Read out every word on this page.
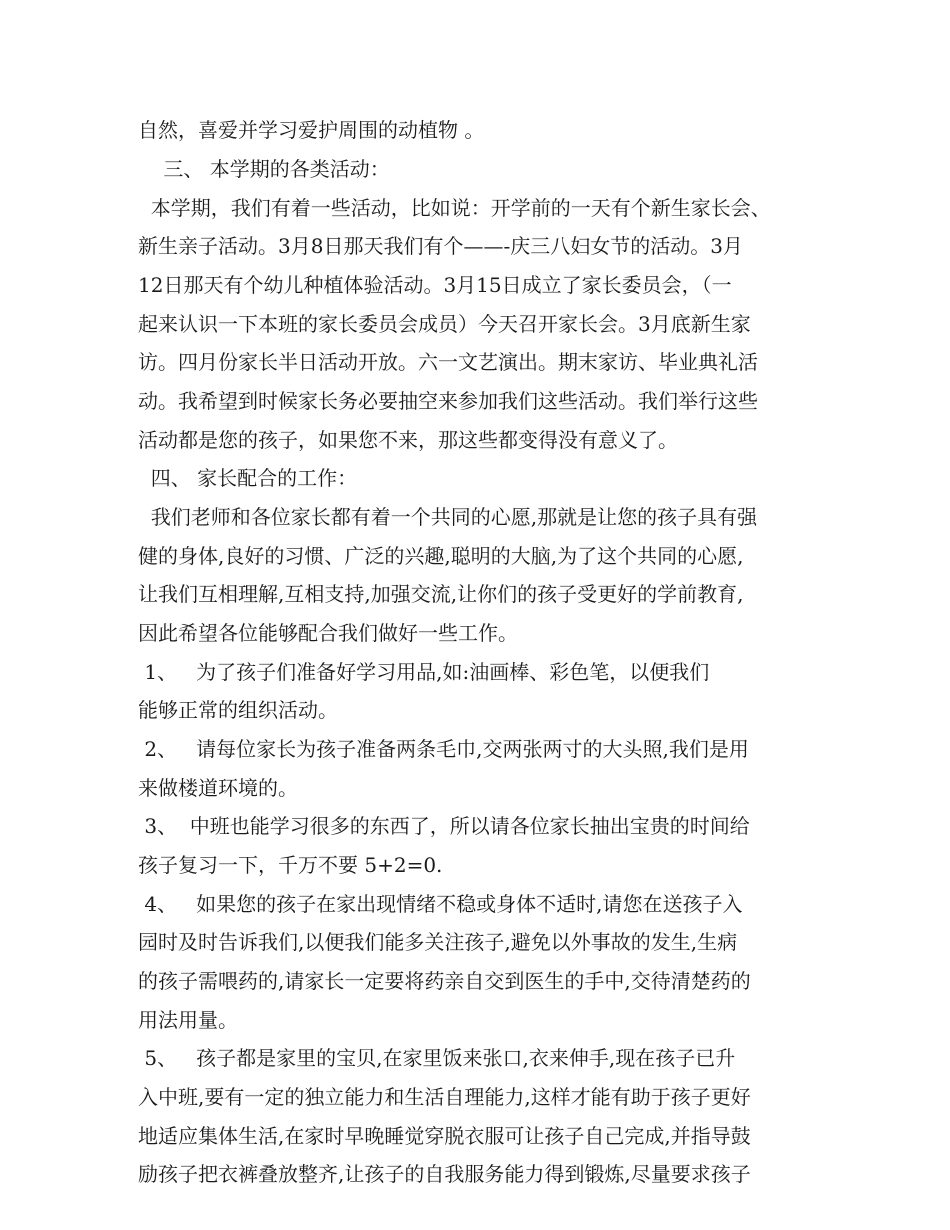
自然，喜爱并学习爱护周围的动植物 。
三、 本学期的各类活动：
本学期，我们有着一些活动，比如说：开学前的一天有个新生家长会、
新生亲子活动。3月8日那天我们有个——-庆三八妇女节的活动。3月
12日那天有个幼儿种植体验活动。3月15日成立了家长委员会，（一
起来认识一下本班的家长委员会成员）今天召开家长会。3月底新生家
访。四月份家长半日活动开放。六一文艺演出。期末家访、毕业典礼活
动。我希望到时候家长务必要抽空来参加我们这些活动。我们举行这些
活动都是您的孩子，如果您不来，那这些都变得没有意义了。
四、 家长配合的工作：
我们老师和各位家长都有着一个共同的心愿,那就是让您的孩子具有强
健的身体,良好的习惯、广泛的兴趣,聪明的大脑,为了这个共同的心愿,
让我们互相理解,互相支持,加强交流,让你们的孩子受更好的学前教育,
因此希望各位能够配合我们做好一些工作。
1、   为了孩子们准备好学习用品,如:油画棒、彩色笔，以便我们
能够正常的组织活动。
2、   请每位家长为孩子准备两条毛巾,交两张两寸的大头照,我们是用
来做楼道环境的。
3、  中班也能学习很多的东西了，所以请各位家长抽出宝贵的时间给
孩子复习一下，千万不要 5+2=0.
4、   如果您的孩子在家出现情绪不稳或身体不适时,请您在送孩子入
园时及时告诉我们,以便我们能多关注孩子,避免以外事故的发生,生病
的孩子需喂药的,请家长一定要将药亲自交到医生的手中,交待清楚药的
用法用量。
5、   孩子都是家里的宝贝,在家里饭来张口,衣来伸手,现在孩子已升
入中班,要有一定的独立能力和生活自理能力,这样才能有助于孩子更好
地适应集体生活,在家时早晚睡觉穿脱衣服可让孩子自己完成,并指导鼓
励孩子把衣裤叠放整齐,让孩子的自我服务能力得到锻炼,尽量要求孩子
